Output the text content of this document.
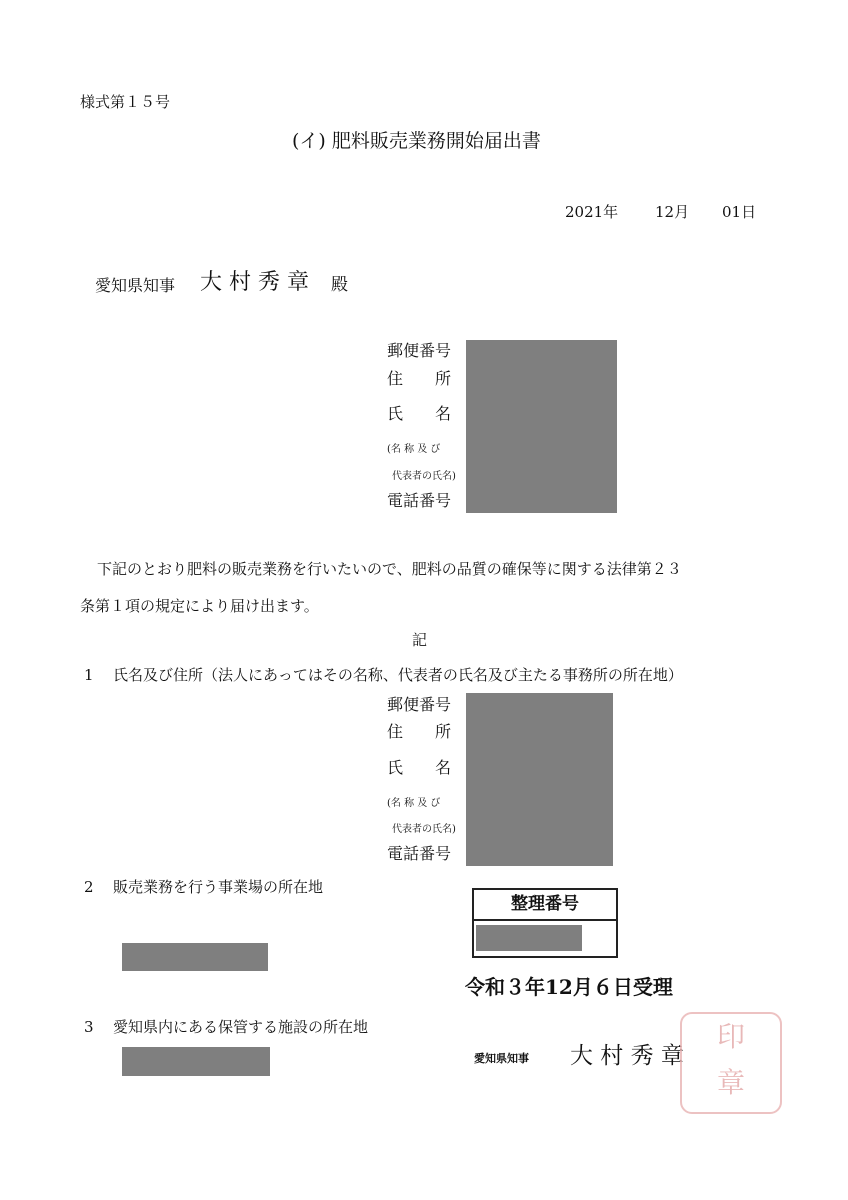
様式第１５号
(イ) 肥料販売業務開始届出書
2021年 12月 01日
愛知県知事 大 村 秀 章 殿
郵便番号
住　　所
氏　　名
(名 称 及 び
代表者の氏名)
電話番号
下記のとおり肥料の販売業務を行いたいので、肥料の品質の確保等に関する法律第２３
条第１項の規定により届け出ます。
記
1 氏名及び住所（法人にあってはその名称、代表者の氏名及び主たる事務所の所在地）
郵便番号
住　　所
氏　　名
(名 称 及 び
代表者の氏名)
電話番号
2 販売業務を行う事業場の所在地
3 愛知県内にある保管する施設の所在地
整理番号
令和３年12月６日受理
愛知県知事 大 村 秀 章
印
章
